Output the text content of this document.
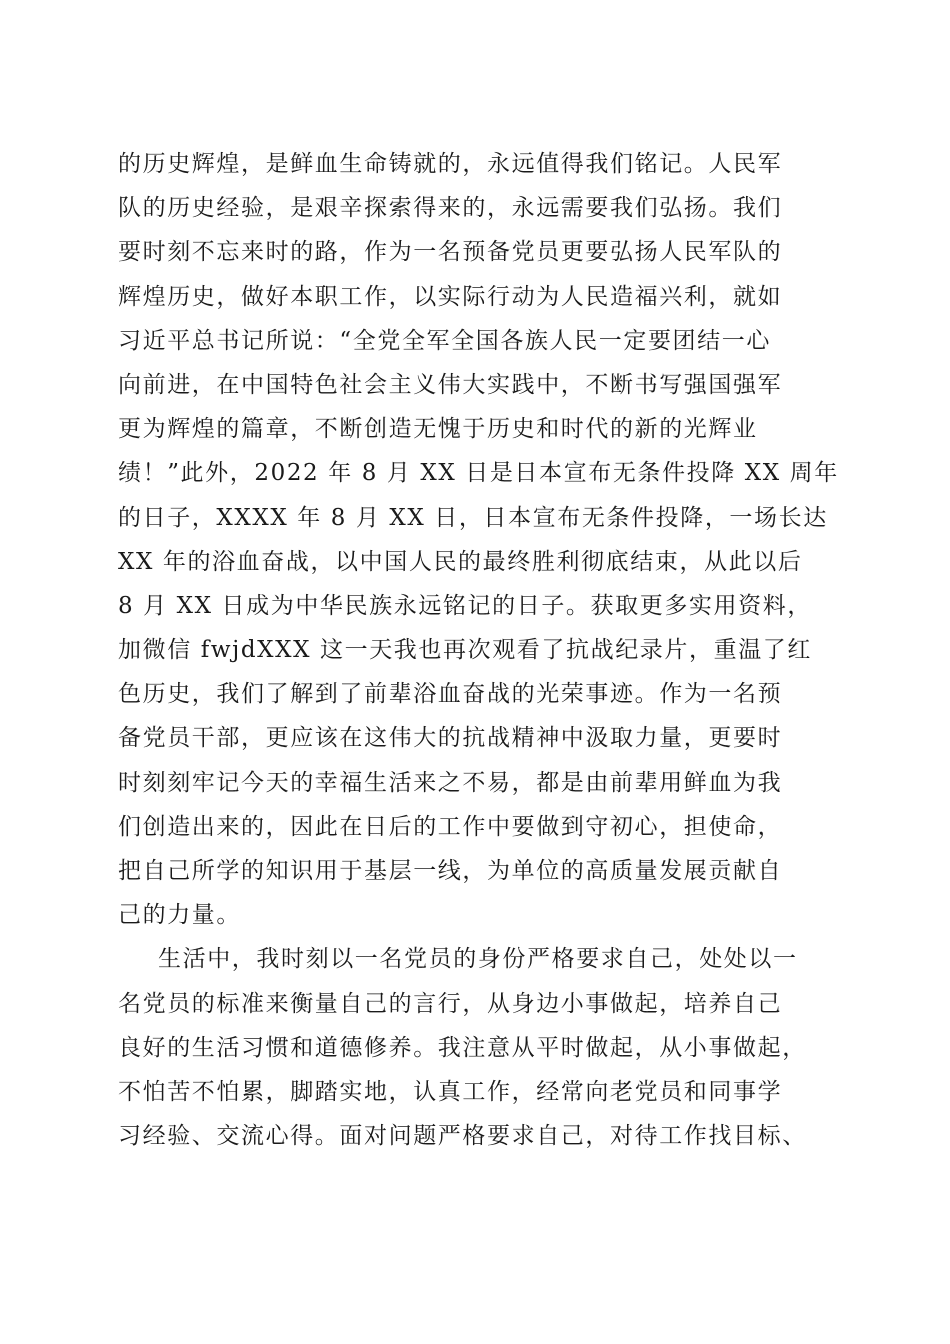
的历史辉煌，是鲜血生命铸就的，永远值得我们铭记。人民军
队的历史经验，是艰辛探索得来的，永远需要我们弘扬。我们
要时刻不忘来时的路，作为一名预备党员更要弘扬人民军队的
辉煌历史，做好本职工作，以实际行动为人民造福兴利，就如
习近平总书记所说：“全党全军全国各族人民一定要团结一心
向前进，在中国特色社会主义伟大实践中，不断书写强国强军
更为辉煌的篇章，不断创造无愧于历史和时代的新的光辉业
绩！”此外，2022 年 8 月 XX 日是日本宣布无条件投降 XX 周年
的日子，XXXX 年 8 月 XX 日，日本宣布无条件投降，一场长达
XX 年的浴血奋战，以中国人民的最终胜利彻底结束，从此以后
8 月 XX 日成为中华民族永远铭记的日子。获取更多实用资料，
加微信 fwjdXXX 这一天我也再次观看了抗战纪录片，重温了红
色历史，我们了解到了前辈浴血奋战的光荣事迹。作为一名预
备党员干部，更应该在这伟大的抗战精神中汲取力量，更要时
时刻刻牢记今天的幸福生活来之不易，都是由前辈用鲜血为我
们创造出来的，因此在日后的工作中要做到守初心，担使命，
把自己所学的知识用于基层一线，为单位的高质量发展贡献自
己的力量。
生活中，我时刻以一名党员的身份严格要求自己，处处以一
名党员的标准来衡量自己的言行，从身边小事做起，培养自己
良好的生活习惯和道德修养。我注意从平时做起，从小事做起，
不怕苦不怕累，脚踏实地，认真工作，经常向老党员和同事学
习经验、交流心得。面对问题严格要求自己，对待工作找目标、
